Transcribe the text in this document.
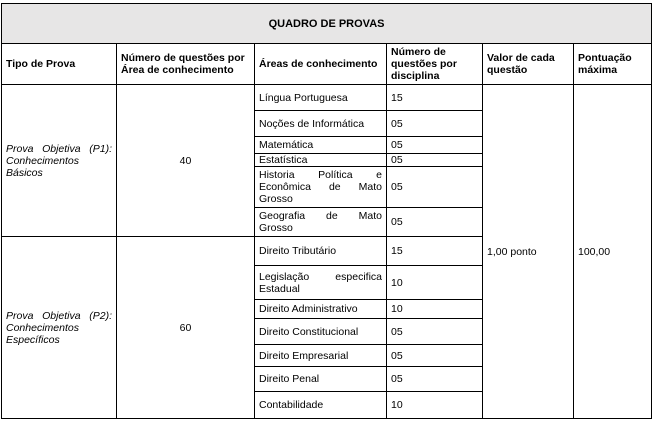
QUADRO DE PROVAS					
Tipo de Prova	Número de questões por Área de conhecimento	Áreas de conhecimento	Número de questões por disciplina	Valor de cada questão	Pontuação máxima
Prova Objetiva (P1): Conhecimentos Básicos	40	Língua Portuguesa	15	1,00 ponto	100,00
		Noções de Informática	05		
		Matemática	05		
		Estatística	05		
		Historia Política e Econômica de Mato Grosso	05		
		Geografia de Mato Grosso	05		
Prova Objetiva (P2): Conhecimentos Específicos	60	Direito Tributário	15		
		Legislação especifica Estadual	10		
		Direito Administrativo	10		
		Direito Constitucional	05		
		Direito Empresarial	05		
		Direito Penal	05		
		Contabilidade	10		
